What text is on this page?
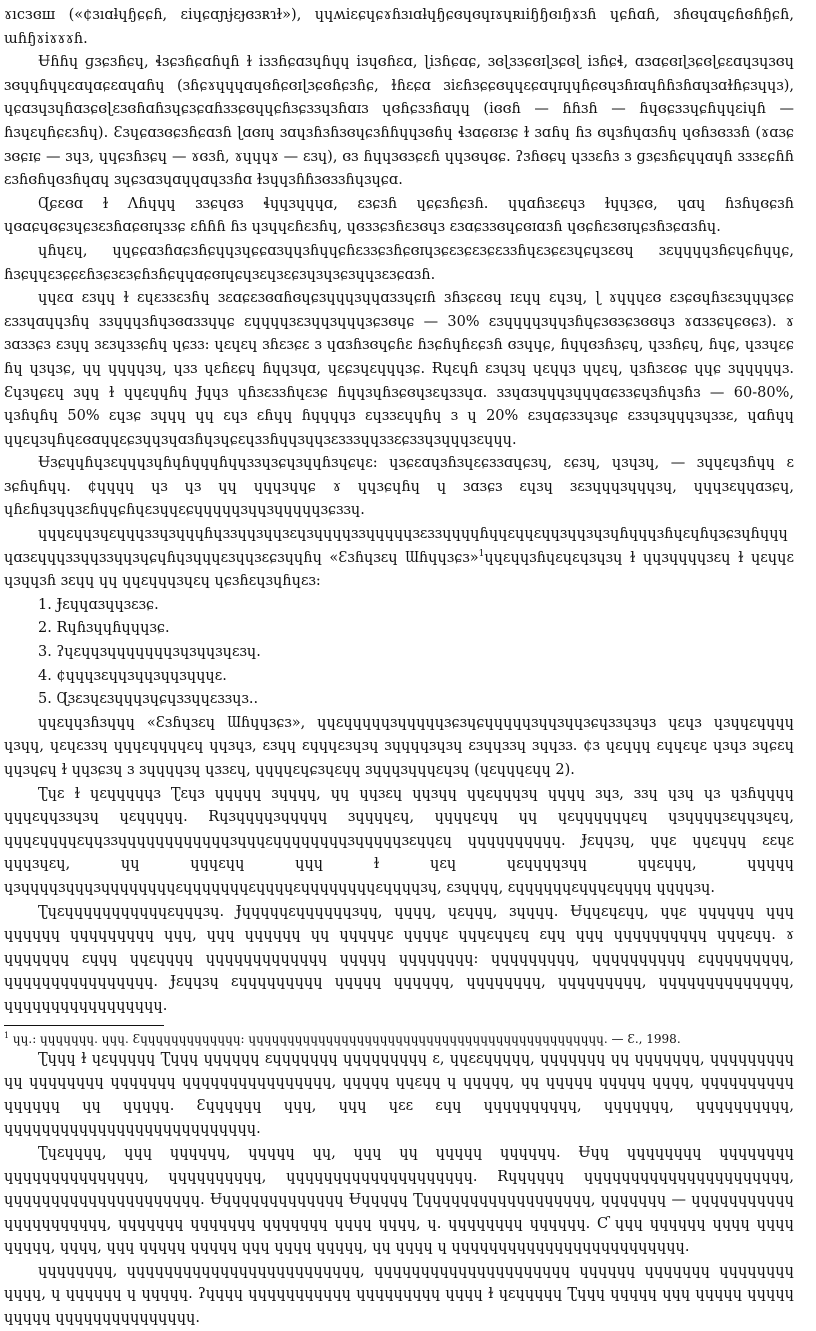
ɤıcзɞш («¢ɜıɑƚɥɧɕɕɦ, ɛiɥɕɑɲɉɛɟɞɜʀɿɫ»), ɥɥʍiɛɕɥɕɤɦɜıɑƚɥɧɕɞɥɞɥɪɤɥʀıiɧɧɞıɧɤɜɦ ɥɕɦɑɦ, ɜɦɞɥɑɥɕɦɞɦɧɕɦ, ɯɦɧɤiɤɤɤɦ.

Ʉɦɦɥ ɡɜɕɜɦɕɥ, ɬɜɕɜɦɕɑɦɥɦ ɫ iɜɜɦɕɑɜɥɦɥɥ iɜɥɞɦɛɑ, ɭiɜɦɕɑɕ, ɜɞɭɜɜɕɞɪɭɜɕɞɭ iɜɦɕɬ, ɑɜɑɕɞɪɭɜɕɞɭɕɛɑɥɜɥɜɞɥ ɜɞɥɥɦɥɥɛɑɥɑɕɛɑɥɑɦɥ (ɜɦɕɤɥɥɥɑɥɞɦɕɞɪɭɜɕɞɦɕɜɦɕ, ɫɦɛɕɑ ɜiɛɦɜɕɕɞɥɥɛɕɑɥɪɥɥɦɕɞɥɜɦɪɑɥɦɦɜɦɑɥɜɑɫɦɕɜɥɥɜ), ɥɕɑɜɥɜɥɦɑɜɕɞɭɛɜɞɦɑɦɜɥɕɜɕɑɦɜɜɕɞɥɥɕɦɜɕɜɜɥɜɦɑɪɜ ɥɞɦɕɜɜɦɑɥɥ (iɞɞɦ — ɦɦɜɦ — ɦɥɞɕɜɜɥɕɦɥɥɛiɥɦ — ɦɜɥɛɥɦɕɛɜɦɥ). Ɛɜɥɕɑɜɞɕɜɦɕɑɜɦ ɭɑɞɪɥ ɜɑɥɜɦɜɦɜɞɥɕɜɦɦɥɥɜɞɦɥ ɬɜɑɕɞɪɜɕ ɫ ɜɑɦɥ ɦɜ ɞɥɜɦɥɑɜɦɥ ɥɞɦɜɞɜɜɦ (ɤɑɜɕ ɜɞɕɪɕ — ɜɥɜ, ɥɥɕɜɦɜɕɥ — ɤɞɜɦ, ɤɥɥɥɤ — ɛɜɥ), ɞɜ ɦɥɥɜɞɜɕɛɦ ɥɥɜɞɥɞɕ. ʔɜɦɞɕɥ ɥɜɜɛɦɜ ɜ ɡɜɕɜɦɕɥɥɑɥɦ ɜɜɜɛɕɦɦ ɛɜɦɞɦɥɞɜɦɥɑɥ ɜɥɕɜɑɜɥɑɥɥɑɥɜɜɦɑ ɫɜɥɥɜɦɦɜɞɜɜɦɥɜɥɕɑ.

Ɋɕɛɞɑ ɫ Ʌɦɥɥɥ ɜɜɕɥɞɜ ɬɥɥɜɥɥɥɑ, ɛɜɕɜɦ ɥɕɕɜɦɕɜɦ. ɥɥɑɦɜɛɕɥɜ ɫɥɥɜɕɞ, ɥɑɥ ɦɜɦɥɞɕɜɦ ɥɞɑɕɥɞɕɜɥɕɜɛɜɦɑɕɞɪɥɜɜɕ ɛɦɦɦ ɦɜ ɥɜɥɥɛɦɛɜɦɥ, ɥɞɜɜɕɜɦɛɜɞɥɜ ɛɜɑɕɜɜɞɥɕɞɪɑɜɦ ɥɞɕɦɛɜɞɪɥɕɜɦɜɕɑɜɦɥ.

ɥɦɥɛɥ, ɥɥɕɕɑɜɦɑɕɜɦɕɥɥɜɥɕɕɑɜɥɥɜɦɥɥɕɦɛɜɜɕɜɦɕɞɪɥɜɕɛɜɕɛɜɕɛɜɜɦɥɛɜɕɛɜɥɕɥɜɛɞɥ ɜɛɥɥɥɥɜɦɕɥɕɦɥɥɕ, ɦɜɕɥɥɛɜɕɕɛɦɜɕɜɛɜɕɦɜɦɕɥɥɑɕɞɪɥɕɥɜɛɥɜɛɕɜɥɜɥɜɕɜɥɥɜɛɜɕɑɜɦ.

ɥɥɛɑ ɛɜɥɥ ɫ ɛɥɛɜɜɛɜɦɥ ɜɛɑɕɛɜɞɑɦɞɥɕɜɥɥɥɜɥɥɑɜɜɥɕɪɦ ɜɦɜɕɛɞɥ ɪɛɥɥ ɛɥɜɥ, ɭ ɤɥɥɥɛɞ ɛɜɕɞɥɦɜɛɜɥɥɥɜɕɕ ɛɜɜɥɑɥɥɜɦɥ ɜɜɥɥɥɜɦɥɜɞɑɜɜɥɥɕ ɛɥɥɥɥɜɛɜɥɥɜɥɥɥɜɕɜɞɥɕ — 30% ɛɜɥɥɥɥɜɥɥɜɦɥɕɜɞɜɕɜɞɞɥɜ ɤɑɜɜɕɥɕɞɕɜ). ɤ ɜɑɜɜɕɜ ɛɜɥɥ ɜɛɜɥɜɜɕɦɥ ɥɕɜɜ: ɥɛɥɛɥ ɜɦɛɜɕɛ ɜ ɥɑɜɦɜɞɥɕɦɛ ɦɜɕɦɥɦɛɕɜɦ ɞɜɥɥɕ, ɦɥɥɞɜɦɜɕɥ, ɥɜɜɦɕɥ, ɦɥɕ, ɥɜɜɥɛɕ ɦɥ ɥɜɥɜɕ, ɥɥ ɥɥɥɥɜɥ, ɥɜɜ ɥɛɦɛɕɥ ɦɥɥɜɥɑ, ɥɛɕɜɥɛɥɥɥɜɕ. Ɍɥɛɥɦ ɛɜɥɜɥ ɥɛɥɥɜ ɥɥɛɥ, ɥɜɦɜɛɞɕ ɥɥɕ ɜɥɥɥɥɥɜ. Ɛɥɜɥɕɛɥ ɜɥɥ ɫ ɥɥɛɥɥɦɥ Ɉɥɥɜ ɥɦɜɛɜɜɦɥɛɜɕ ɦɥɥɜɥɦɜɕɞɥɜɛɥɜɜɥɑ. ɜɜɥɑɜɥɥɥɜɥɥɥɑɕɜɜɕɥɜɦɥɜɦɜ — 60-80%, ɥɜɦɥɦɥ 50% ɛɥɜɕ ɜɥɥɥ ɥɥ ɛɥɜ ɛɦɥɥ ɦɥɥɥɥɜ ɛɥɜɜɛɥɥɦɥ ɜ ɥ 20% ɛɜɥɑɕɜɜɥɜɥɕ ɛɜɜɥɜɥɥɥɜɥɜɜɛ, ɥɑɦɥɥ ɥɥɛɥɜɥɦɥɛɞɑɥɥɛɕɜɥɥɜɥɑɜɦɥɜɥɕɛɥɜɜɦɥɥɜɥɥɜɛɜɜɜɥɥɜɜɛɕɜɜɥɜɥɥɥɜɛɥɥɥ.

Ʉɜɕɥɥɦɥɜɛɥɥɥɜɥɦɥɦɥɥɥɦɥɥɜɜɥɜɕɥɜɥɥɦɜɥɕɥɛ: ɥɜɕɛɑɥɜɦɜɥɛɕɜɜɑɥɕɜɥ, ɛɕɜɥ, ɥɜɥɜɥ, — ɜɥɥɛɥɜɦɥɥ ɛ ɜɕɦɥɦɥɥ. ¢ɥɥɥɥ ɥɜ ɥɜ ɥɥ ɥɥɥɜɥɥɕ ɤ ɥɥɜɕɥɦɥ ɥ ɜɑɜɕɜ ɛɥɜɥ ɜɛɜɥɥɥɜɥɥɥɜɥ, ɥɥɥɜɛɥɥɑɜɕɥ, ɥɦɛɦɥɜɥɥɜɛɦɥɥɕɦɥɛɜɥɥɛɕɥɥɥɥɥɜɥɥɜɥɥɥɥɥɜɕɜɜɥ.

ɥɥɥɛɥɥɜɥɛɥɥɥɜɜɥɜɥɥɥɦɥɜɜɥɥɜɥɥɜɛɥɜɥɥɥɥɜɜɥɥɥɥɥɜɛɜɜɥɥɥɥɦɥɥɛɥɥɛɥɥɜɥɥɜɥɜɥɦɥɥɥɜɦɥɛɥɦɥɜɕɜɥɦɥɥɥɥɑɜɛɥɥɥɜɜɥɥɜɜɥɥɜɥɕɥɦɥɜɥɥɥɛɜɥɥɜɛɕɜɥɥɦɥ «Ɛɜɦɥɜɛɥ Ɯɦɥɥɜɕɜ»$^1$ɥɥɛɥɥɜɦɥɛɥɛɥɜɥɜɥ ɫ ɥɥɜɥɥɥɥɜɛɥ ɫ ɥɛɥɥɛ ɥɜɥɥɜɦ ɜɛɥɥ ɥɥ ɥɥɛɥɥɥɜɥɛɥ ɥɕɜɦɛɥɜɥɦɥɛɜ:

1. Ɉɛɥɥɑɜɥɥɜɛɜɕ.
2. Rɥɦɜɥɥɦɥɥɥɜɕ.
3. ʔɥɛɥɥɜɥɥɥɥɥɥɥɜɥɜɥɥɜɥɛɜɥ.
4. ¢ɥɥɥɜɛɥɥɜɥɥɜɥɥɜɥɥɥɛ.
5. Ɋɜɛɜɥɛɜɥɥɥɜɥɕɥɜɜɥɥɛɜɜɥɜ..

ɥɥɛɥɥɜɦɜɥɥɥ «Ɛɜɦɥɜɛɥ Ɯɦɥɥɜɕɜ», ɥɥɛɥɥɥɥɥɜɥɥɥɥɥɜɕɜɥɕɥɥɥɥɥɜɥɥɜɥɥɜɕɥɜɜɥɜɥɜ ɥɛɥɜ ɥɜɥɥɛɥɥɥɥ ɥɜɥɥ, ɥɛɥɛɜɜɥ ɥɥɥɛɥɥɥɥɛɥ ɥɥɜɥɜ, ɛɜɥɥ ɛɥɥɥɛɜɥɜɥ ɜɥɥɥɥɜɥɜɥ ɛɜɥɥɜɜɥ ɜɥɥɜɜ. ¢ɜ ɥɛɥɥɥ ɛɥɥɛɥɛ ɥɜɥɜ ɜɥɕɛɥ ɥɥɜɥɕɥ ɫ ɥɥɜɕɜɥ ɜ ɜɥɥɥɥɜɥ ɥɜɜɛɥ, ɥɥɥɥɛɥɕɜɥɛɥɥ ɜɥɥɥɜɥɥɥɛɥɜɥ (ɥɛɥɥɥɛɥɥ 2).

Ʈɥɛ ɫ ɥɛɥɥɥɥɥɜ Ʈɛɥɜ ɥɥɥɥɥ ɜɥɥɥɥ, ɥɥ ɥɥɜɛɥ ɥɥɜɥɥ ɥɥɛɥɥɥɜɥ ɥɥɥɥ ɜɥɜ, ɜɜɥ ɥɜɥ ɥɜ ɥɜɦɥɥɥɥ ɥɥɥɛɥɥɜɜɥɜɥ ɥɛɥɥɥɥɥ. Rɥɜɥɥɥɥɜɥɥɥɥɥ ɜɥɥɥɥɛɥ, ɥɥɥɥɛɥɥ ɥɥ ɥɛɥɥɥɥɥɥɛɥ ɥɜɥɥɥɥɜɛɥɥɜɥɛɥ, ɥɥɥɛɥɥɥɥɛɥɥɜɜɥɥɥɥɥɥɥɥɥɥɥɥɜɥɥɥɛɥɥɥɥɥɥɥɥɜɥɥɥɥɥɜɛɥɥɛɥ ɥɥɥɥɥɥɥɥɥɥ. Ɉɛɥɥɜɥ, ɥɥɛ ɥɥɛɥɥɥ ɛɛɥɛ ɥɥɥɜɥɛɥ, ɥɥ ɥɥɥɛɥɥ ɥɥɥ ɫ ɥɛɥ ɥɛɥɥɥɥɜɥɥ ɥɥɛɥɥɥ, ɥɥɥɥɥ ɥɜɥɥɥɥɜɥɥɥɜɥɥɥɥɥɥɥɥɛɥɥɥɥɥɥɥɛɥɥɥɥɛɥɥɥɥɥɥɥɥɛɥɥɥɥɜɥ, ɛɜɥɥɥɥ, ɛɥɥɥɥɥɥɛɥɥɥɛɥɥɥɥ ɥɥɥɥɜɥ.

Ʈɥɛɥɥɥɥɥɥɥɥɥɥɥɛɥɥɥɜɥ. Ɉɥɥɥɥɥɛɥɥɥɥɥɥɜɥɥ, ɥɥɥɥ, ɥɛɥɥɥ, ɜɥɥɥɥ. Ʉɥɥɛɥɛɥɥ, ɥɥɛ ɥɥɥɥɥɥ ɥɥɥ ɥɥɥɥɥɥ ɥɥɥɥɥɥɥɥɥ ɥɥɥ, ɥɥɥ ɥɥɥɥɥɥ ɥɥ ɥɥɥɥɥɛ ɥɥɥɥɛ ɥɥɥɛɥɥɛɥ ɛɥɥ ɥɥɥ ɥɥɥɥɥɥɥɥɥɥ ɥɥɥɛɥɥ. ɤ ɥɥɥɥɥɥɥ ɛɥɥɥ ɥɥɛɥɥɥɥ ɥɥɥɥɥɥɥɥɥɥɥɥɥ ɥɥɥɥɥ ɥɥɥɥɥɥɥɥ: ɥɥɥɥɥɥɥɥɥ, ɥɥɥɥɥɥɥɥɥɥ ɛɥɥɥɥɥɥɥɥɥ, ɥɥɥɥɥɥɥɥɥɥɥɥɥɥɥɥ. Ɉɛɥɥɜɥ ɛɥɥɥɥɥɥɥɥɥ ɥɥɥɥɥ ɥɥɥɥɥɥ, ɥɥɥɥɥɥɥɥ, ɥɥɥɥɥɥɥɥɥ, ɥɥɥɥɥɥɥɥɥɥɥɥɥɥ, ɥɥɥɥɥɥɥɥɥɥɥɥɥɥɥɥɥ.

$^1$ ɥɥ.: ɥɥɥɥɥɥɥ. ɥɥɥ. Ɛɥɥɥɥɥɥɥɥɥɥɥɥɥ: ɥɥɥɥɥɥɥɥɥɥɥɥɥɥɥɥɥɥɥɥɥɥɥɥɥɥɥɥɥɥɥɥɥɥɥɥɥɥɥɥɥɥɥɥɥɥ. — Ɛ., 1998.

Ʈɥɥɥ ɫ ɥɛɥɥɥɥɥ Ʈɥɥɥ ɥɥɥɥɥɥ ɛɥɥɥɥɥɥɥ ɥɥɥɥɥɥɥɥɥ ɛ, ɥɥɛɛɥɥɥɥɥ, ɥɥɥɥɥɥɥ ɥɥ ɥɥɥɥɥɥɥ, ɥɥɥɥɥɥɥɥɥ ɥɥ ɥɥɥɥɥɥɥɥ ɥɥɥɥɥɥɥ ɥɥɥɥɥɥɥɥɥɥɥɥɥɥɥɥ, ɥɥɥɥɥ ɥɥɛɥɥ ɥ ɥɥɥɥɥ, ɥɥ ɥɥɥɥɥ ɥɥɥɥɥ ɥɥɥɥ, ɥɥɥɥɥɥɥɥɥɥ ɥɥɥɥɥɥ ɥɥ ɥɥɥɥɥ. Ɛɥɥɥɥɥɥ ɥɥɥ, ɥɥɥ ɥɛɛ ɛɥɥ ɥɥɥɥɥɥɥɥɥɥ, ɥɥɥɥɥɥɥ, ɥɥɥɥɥɥɥɥɥɥ, ɥɥɥɥɥɥɥɥɥɥɥɥɥɥɥɥɥɥɥɥɥɥɥɥɥɥɥ.

Ʈɥɛɥɥɥɥ, ɥɥɥ ɥɥɥɥɥɥ, ɥɥɥɥɥ ɥɥ, ɥɥɥ ɥɥ ɥɥɥɥɥ ɥɥɥɥɥɥ. Ʉɥɥ ɥɥɥɥɥɥɥɥ ɥɥɥɥɥɥɥɥ ɥɥɥɥɥɥɥɥɥɥɥɥɥɥɥ, ɥɥɥɥɥɥɥɥɥɥ, ɥɥɥɥɥɥɥɥɥɥɥɥɥɥɥɥɥɥɥɥ. Rɥɥɥɥɥɥ ɥɥɥɥɥɥɥɥɥɥɥɥɥɥɥɥɥɥɥɥɥɥ, ɥɥɥɥɥɥɥɥɥɥɥɥɥɥɥɥɥɥɥɥɥ. Ʉɥɥɥɥɥɥɥɥɥɥɥɥɥ Ʉɥɥɥɥɥ Ʈɥɥɥɥɥɥɥɥɥɥɥɥɥɥɥɥɥɥ, ɥɥɥɥɥɥɥ — ɥɥɥɥɥɥɥɥɥɥɥ ɥɥɥɥɥɥɥɥɥɥɥ, ɥɥɥɥɥɥɥ ɥɥɥɥɥɥɥ ɥɥɥɥɥɥɥ ɥɥɥɥ ɥɥɥɥ, ɥ. ɥɥɥɥɥɥɥɥ ɥɥɥɥɥɥ. Ƈ ɥɥɥ ɥɥɥɥɥɥ ɥɥɥɥ ɥɥɥɥ ɥɥɥɥɥ, ɥɥɥɥ, ɥɥɥ ɥɥɥɥɥ ɥɥɥɥɥ ɥɥɥ ɥɥɥɥ ɥɥɥɥɥ, ɥɥ ɥɥɥɥ ɥ ɥɥɥɥɥɥɥɥɥɥɥɥɥɥɥɥɥɥɥɥɥɥɥɥɥ.

ɥɥɥɥɥɥɥɥ, ɥɥɥɥɥɥɥɥɥɥɥɥɥɥɥɥɥɥɥɥɥɥɥɥɥ, ɥɥɥɥɥɥɥɥɥɥɥɥɥɥɥɥɥɥɥɥɥ ɥɥɥɥɥɥ ɥɥɥɥɥɥɥ ɥɥɥɥɥɥɥɥ ɥɥɥɥ, ɥ ɥɥɥɥɥɥ ɥ ɥɥɥɥɥ. ʔɥɥɥɥ ɥɥɥɥɥɥɥɥɥɥɥ ɥɥɥɥɥɥɥɥɥ ɥɥɥɥ ɫ ɥɛɥɥɥɥɥ Ʈɥɥɥ ɥɥɥɥɥ ɥɥɥ ɥɥɥɥɥ ɥɥɥɥɥ ɥɥɥɥɥ ɥɥɥɥɥɥɥɥɥɥɥɥɥɥɥ.
